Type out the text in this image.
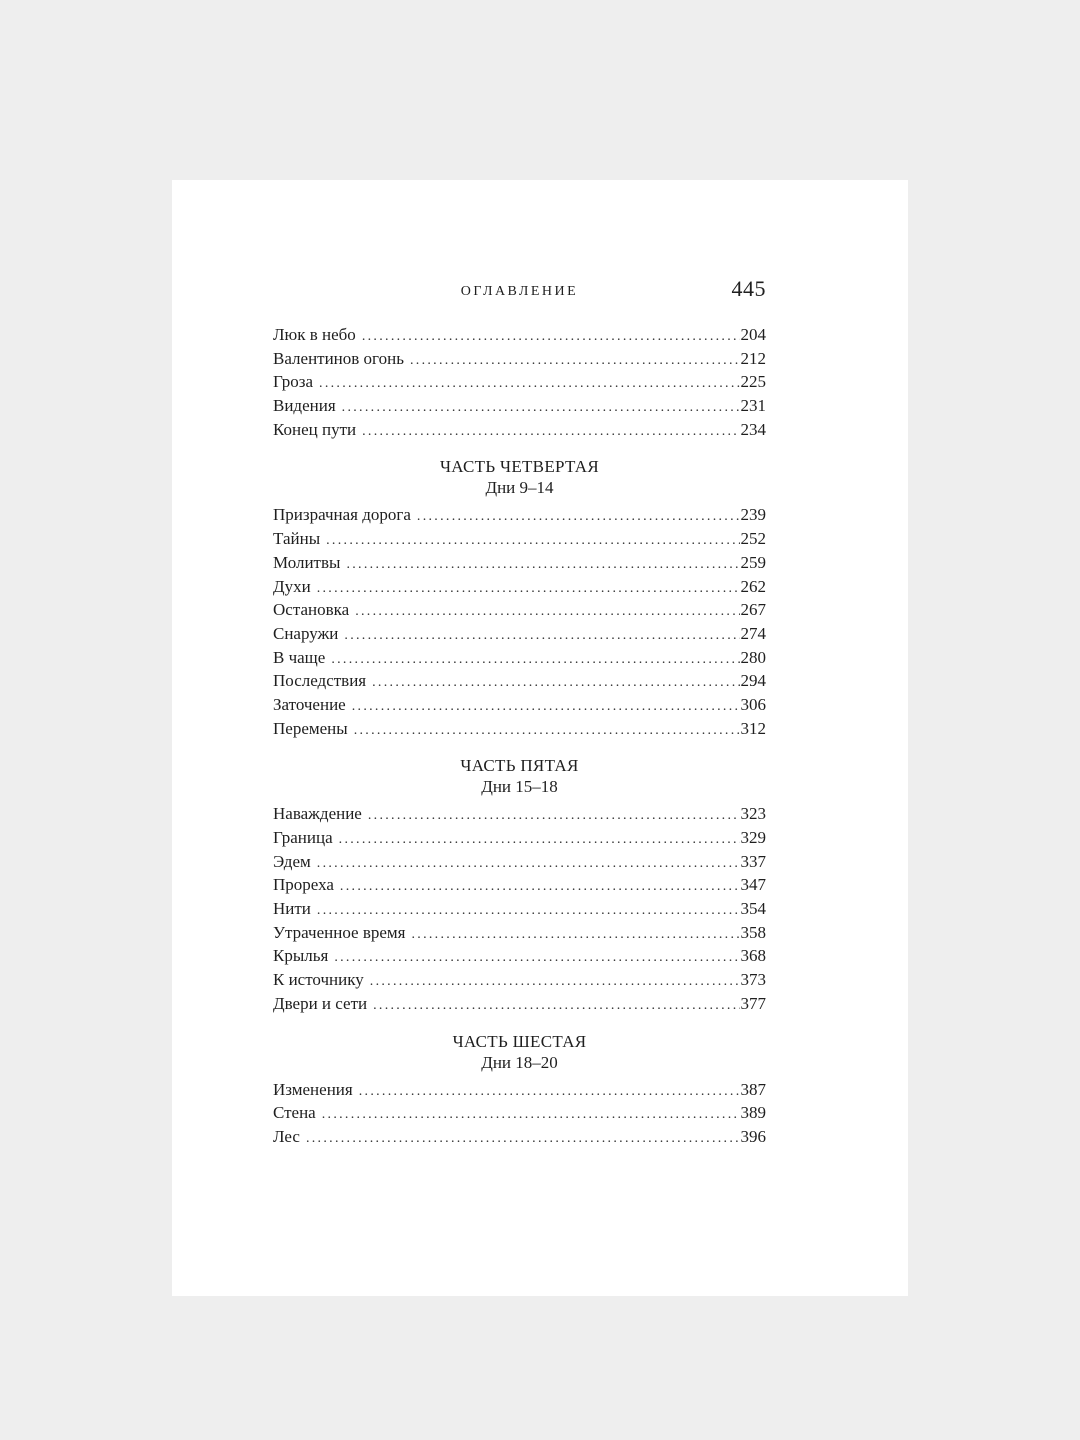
ОГЛАВЛЕНИЕ	445
Люк в небо . . .	204
Валентинов огонь . . .	212
Гроза . . .	225
Видения . . .	231
Конец пути . . .	234
ЧАСТЬ ЧЕТВЕРТАЯ
Дни 9–14
Призрачная дорога . . .	239
Тайны . . .	252
Молитвы . . .	259
Духи . . .	262
Остановка . . .	267
Снаружи . . .	274
В чаще . . .	280
Последствия . . .	294
Заточение . . .	306
Перемены . . .	312
ЧАСТЬ ПЯТАЯ
Дни 15–18
Наваждение . . .	323
Граница . . .	329
Эдем . . .	337
Прореха . . .	347
Нити . . .	354
Утраченное время . . .	358
Крылья . . .	368
К источнику . . .	373
Двери и сети . . .	377
ЧАСТЬ ШЕСТАЯ
Дни 18–20
Изменения . . .	387
Стена . . .	389
Лес . . .	396
